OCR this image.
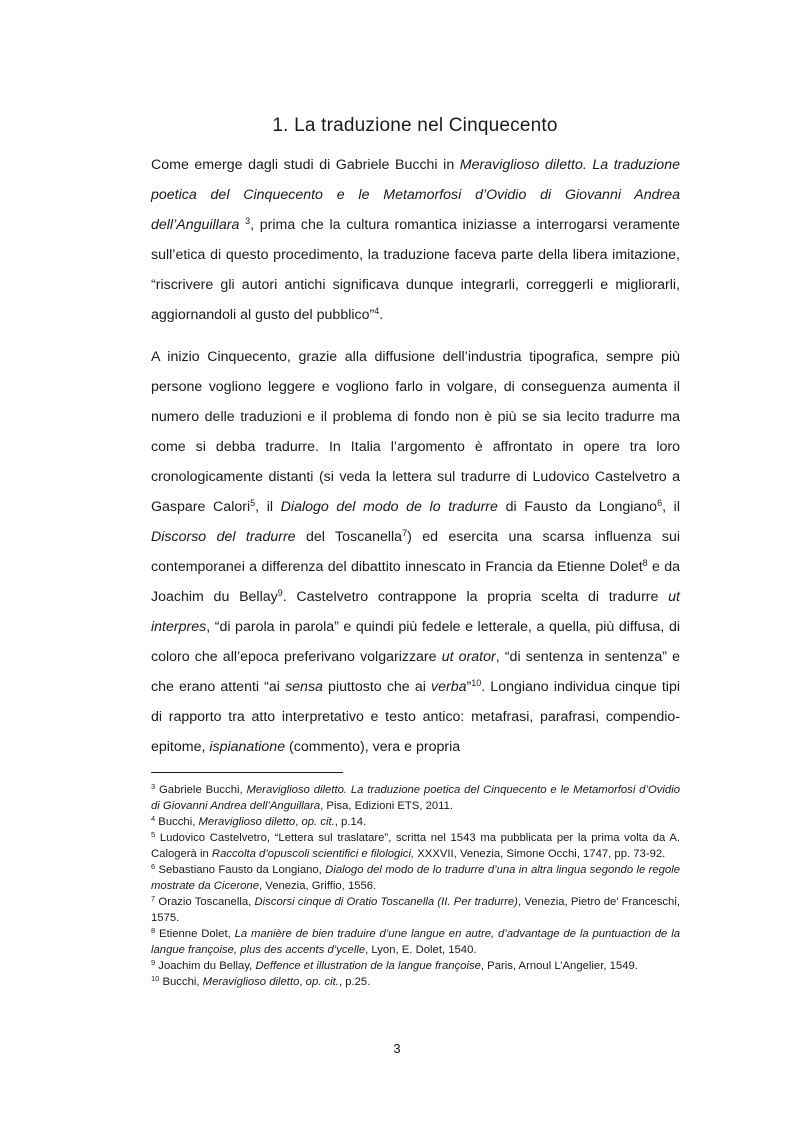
1. La traduzione nel Cinquecento

Come emerge dagli studi di Gabriele Bucchi in Meraviglioso diletto. La traduzione poetica del Cinquecento e le Metamorfosi d’Ovidio di Giovanni Andrea dell’Anguillara $^3$, prima che la cultura romantica iniziasse a interrogarsi veramente sull’etica di questo procedimento, la traduzione faceva parte della libera imitazione, “riscrivere gli autori antichi significava dunque integrarli, correggerli e migliorarli, aggiornandoli al gusto del pubblico”$^4$.

A inizio Cinquecento, grazie alla diffusione dell’industria tipografica, sempre più persone vogliono leggere e vogliono farlo in volgare, di conseguenza aumenta il numero delle traduzioni e il problema di fondo non è più se sia lecito tradurre ma come si debba tradurre. In Italia l’argomento è affrontato in opere tra loro cronologicamente distanti (si veda la lettera sul tradurre di Ludovico Castelvetro a Gaspare Calori$^5$, il Dialogo del modo de lo tradurre di Fausto da Longiano$^6$, il Discorso del tradurre del Toscanella$^7$) ed esercita una scarsa influenza sui contemporanei a differenza del dibattito innescato in Francia da Etienne Dolet$^8$ e da Joachim du Bellay$^9$. Castelvetro contrappone la propria scelta di tradurre ut interpres, “di parola in parola” e quindi più fedele e letterale, a quella, più diffusa, di coloro che all’epoca preferivano volgarizzare ut orator, “di sentenza in sentenza” e che erano attenti “ai sensa piuttosto che ai verba”$^{10}$. Longiano individua cinque tipi di rapporto tra atto interpretativo e testo antico: metafrasi, parafrasi, compendio-epitome, ispianatione (commento), vera e propria

$^3$ Gabriele Bucchi, Meraviglioso diletto. La traduzione poetica del Cinquecento e le Metamorfosi d’Ovidio di Giovanni Andrea dell’Anguillara, Pisa, Edizioni ETS, 2011.

$^4$ Bucchi, Meraviglioso diletto, op. cit., p.14.

$^5$ Ludovico Castelvetro, “Lettera sul traslatare”, scritta nel 1543 ma pubblicata per la prima volta da A. Calogerà in Raccolta d’opuscoli scientifici e filologici, XXXVII, Venezia, Simone Occhi, 1747, pp. 73-92.

$^6$ Sebastiano Fausto da Longiano, Dialogo del modo de lo tradurre d’una in altra lingua segondo le regole mostrate da Cicerone, Venezia, Griffio, 1556.

$^7$ Orazio Toscanella, Discorsi cinque di Oratio Toscanella (II. Per tradurre), Venezia, Pietro de’ Franceschi, 1575.

$^8$ Etienne Dolet, La manière de bien traduire d’une langue en autre, d’advantage de la puntuaction de la langue françoise, plus des accents d’ycelle, Lyon, E. Dolet, 1540.

$^9$ Joachim du Bellay, Deffence et illustration de la langue françoise, Paris, Arnoul L’Angelier, 1549.

$^{10}$ Bucchi, Meraviglioso diletto, op. cit., p.25.

3
